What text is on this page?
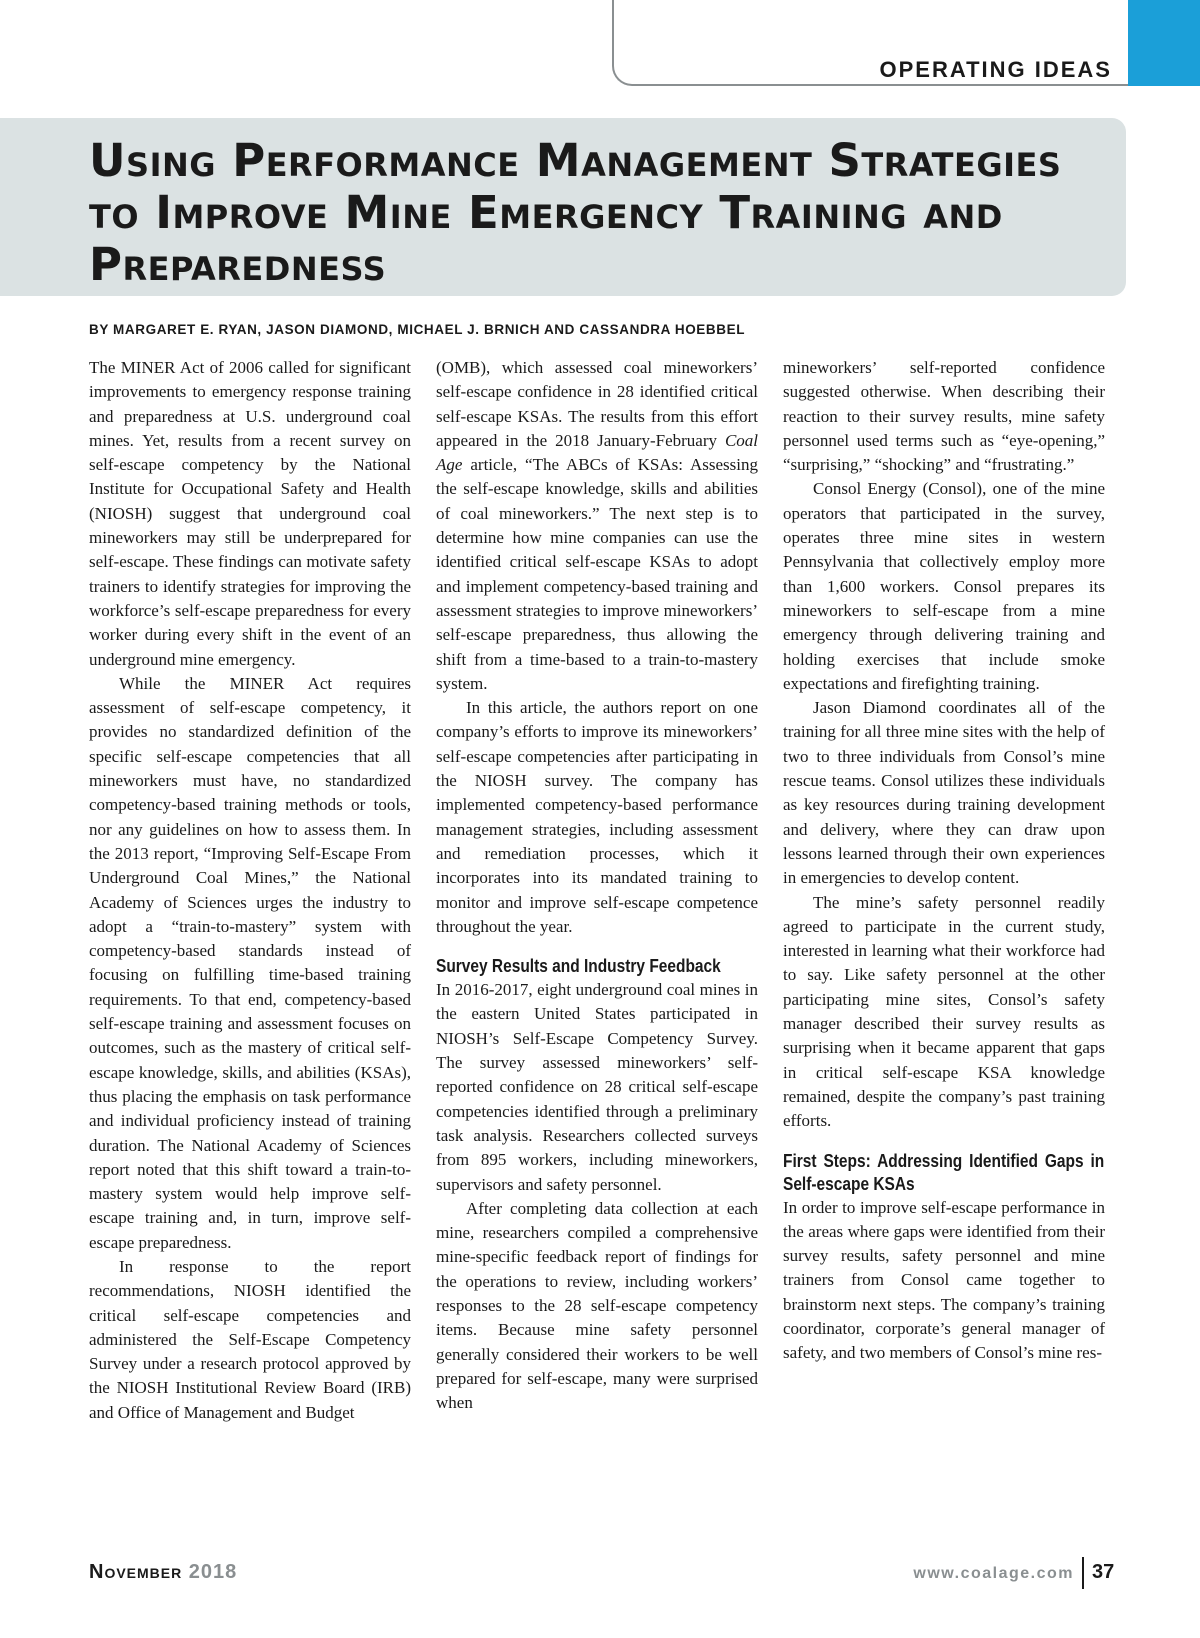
OPERATING IDEAS
Using Performance Management Strategies to Improve Mine Emergency Training and Preparedness
BY MARGARET E. RYAN, JASON DIAMOND, MICHAEL J. BRNICH AND CASSANDRA HOEBBEL

The MINER Act of 2006 called for significant improvements to emergency response training and preparedness at U.S. underground coal mines. Yet, results from a recent survey on self-escape competency by the National Institute for Occupational Safety and Health (NIOSH) suggest that underground coal mineworkers may still be underprepared for self-escape. These findings can motivate safety trainers to identify strategies for improving the workforce’s self-escape preparedness for every worker during every shift in the event of an underground mine emergency.

While the MINER Act requires assessment of self-escape competency, it provides no standardized definition of the specific self-escape competencies that all mineworkers must have, no standardized competency-based training methods or tools, nor any guidelines on how to assess them. In the 2013 report, “Improving Self-Escape From Underground Coal Mines,” the National Academy of Sciences urges the industry to adopt a “train-to-mastery” system with competency-based standards instead of focusing on fulfilling time-based training requirements. To that end, competency-based self-escape training and assessment focuses on outcomes, such as the mastery of critical self-escape knowledge, skills, and abilities (KSAs), thus placing the emphasis on task performance and individual proficiency instead of training duration. The National Academy of Sciences report noted that this shift toward a train-to-mastery system would help improve self-escape training and, in turn, improve self-escape preparedness.

In response to the report recommendations, NIOSH identified the critical self-escape competencies and administered the Self-Escape Competency Survey under a research protocol approved by the NIOSH Institutional Review Board (IRB) and Office of Management and Budget

(OMB), which assessed coal mineworkers’ self-escape confidence in 28 identified critical self-escape KSAs. The results from this effort appeared in the 2018 January-February Coal Age article, “The ABCs of KSAs: Assessing the self-escape knowledge, skills and abilities of coal mineworkers.” The next step is to determine how mine companies can use the identified critical self-escape KSAs to adopt and implement competency-based training and assessment strategies to improve mineworkers’ self-escape preparedness, thus allowing the shift from a time-based to a train-to-mastery system.

In this article, the authors report on one company’s efforts to improve its mineworkers’ self-escape competencies after participating in the NIOSH survey. The company has implemented competency-based performance management strategies, including assessment and remediation processes, which it incorporates into its mandated training to monitor and improve self-escape competence throughout the year.

Survey Results and Industry Feedback

In 2016-2017, eight underground coal mines in the eastern United States participated in NIOSH’s Self-Escape Competency Survey. The survey assessed mineworkers’ self-reported confidence on 28 critical self-escape competencies identified through a preliminary task analysis. Researchers collected surveys from 895 workers, including mineworkers, supervisors and safety personnel.

After completing data collection at each mine, researchers compiled a comprehensive mine-specific feedback report of findings for the operations to review, including workers’ responses to the 28 self-escape competency items. Because mine safety personnel generally considered their workers to be well prepared for self-escape, many were surprised when

mineworkers’ self-reported confidence suggested otherwise. When describing their reaction to their survey results, mine safety personnel used terms such as “eye-opening,” “surprising,” “shocking” and “frustrating.”

Consol Energy (Consol), one of the mine operators that participated in the survey, operates three mine sites in western Pennsylvania that collectively employ more than 1,600 workers. Consol prepares its mineworkers to self-escape from a mine emergency through delivering training and holding exercises that include smoke expectations and firefighting training.

Jason Diamond coordinates all of the training for all three mine sites with the help of two to three individuals from Consol’s mine rescue teams. Consol utilizes these individuals as key resources during training development and delivery, where they can draw upon lessons learned through their own experiences in emergencies to develop content.

The mine’s safety personnel readily agreed to participate in the current study, interested in learning what their workforce had to say. Like safety personnel at the other participating mine sites, Consol’s safety manager described their survey results as surprising when it became apparent that gaps in critical self-escape KSA knowledge remained, despite the company’s past training efforts.

First Steps: Addressing Identified Gaps in Self-escape KSAs

In order to improve self-escape performance in the areas where gaps were identified from their survey results, safety personnel and mine trainers from Consol came together to brainstorm next steps. The company’s training coordinator, corporate’s general manager of safety, and two members of Consol’s mine res-

November 2018	www.coalage.com 37
